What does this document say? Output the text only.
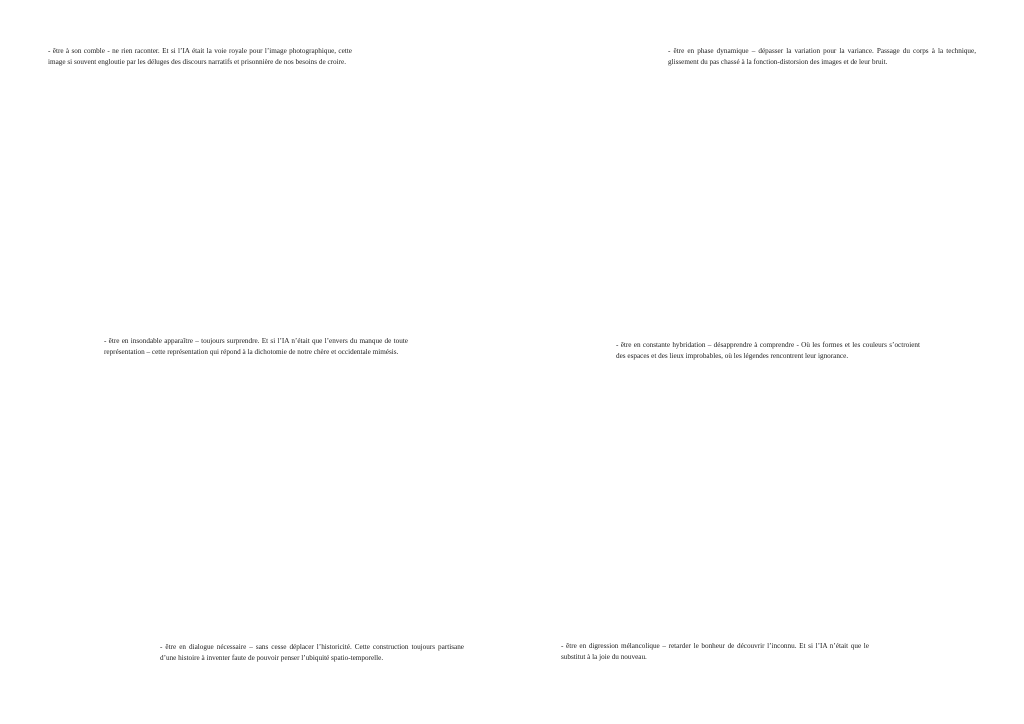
- être à son comble - ne rien raconter. Et si l’IA était la voie royale pour l’image photographique, cette image si souvent engloutie par les déluges des discours narratifs et prisonnière de nos besoins de croire.

- être en phase dynamique – dépasser la variation pour la variance. Passage du corps à la technique, glissement du pas chassé à la fonction-distorsion des images et de leur bruit.

- être en insondable apparaître – toujours surprendre. Et si l’IA n’était que l’envers du manque de toute représentation – cette représentation qui répond à la dichotomie de notre chère et occidentale mimésis.

- être en constante hybridation – désapprendre à comprendre - Où les formes et les couleurs s’octroient des espaces et des lieux improbables, où les légendes rencontrent leur ignorance.

- être en dialogue nécessaire – sans cesse déplacer l’historicité. Cette construction toujours partisane d’une histoire à inventer faute de pouvoir penser l’ubiquité spatio-temporelle.

- être en digression mélancolique – retarder le bonheur de découvrir l’inconnu. Et si l’IA n’était que le substitut à la joie du nouveau.
